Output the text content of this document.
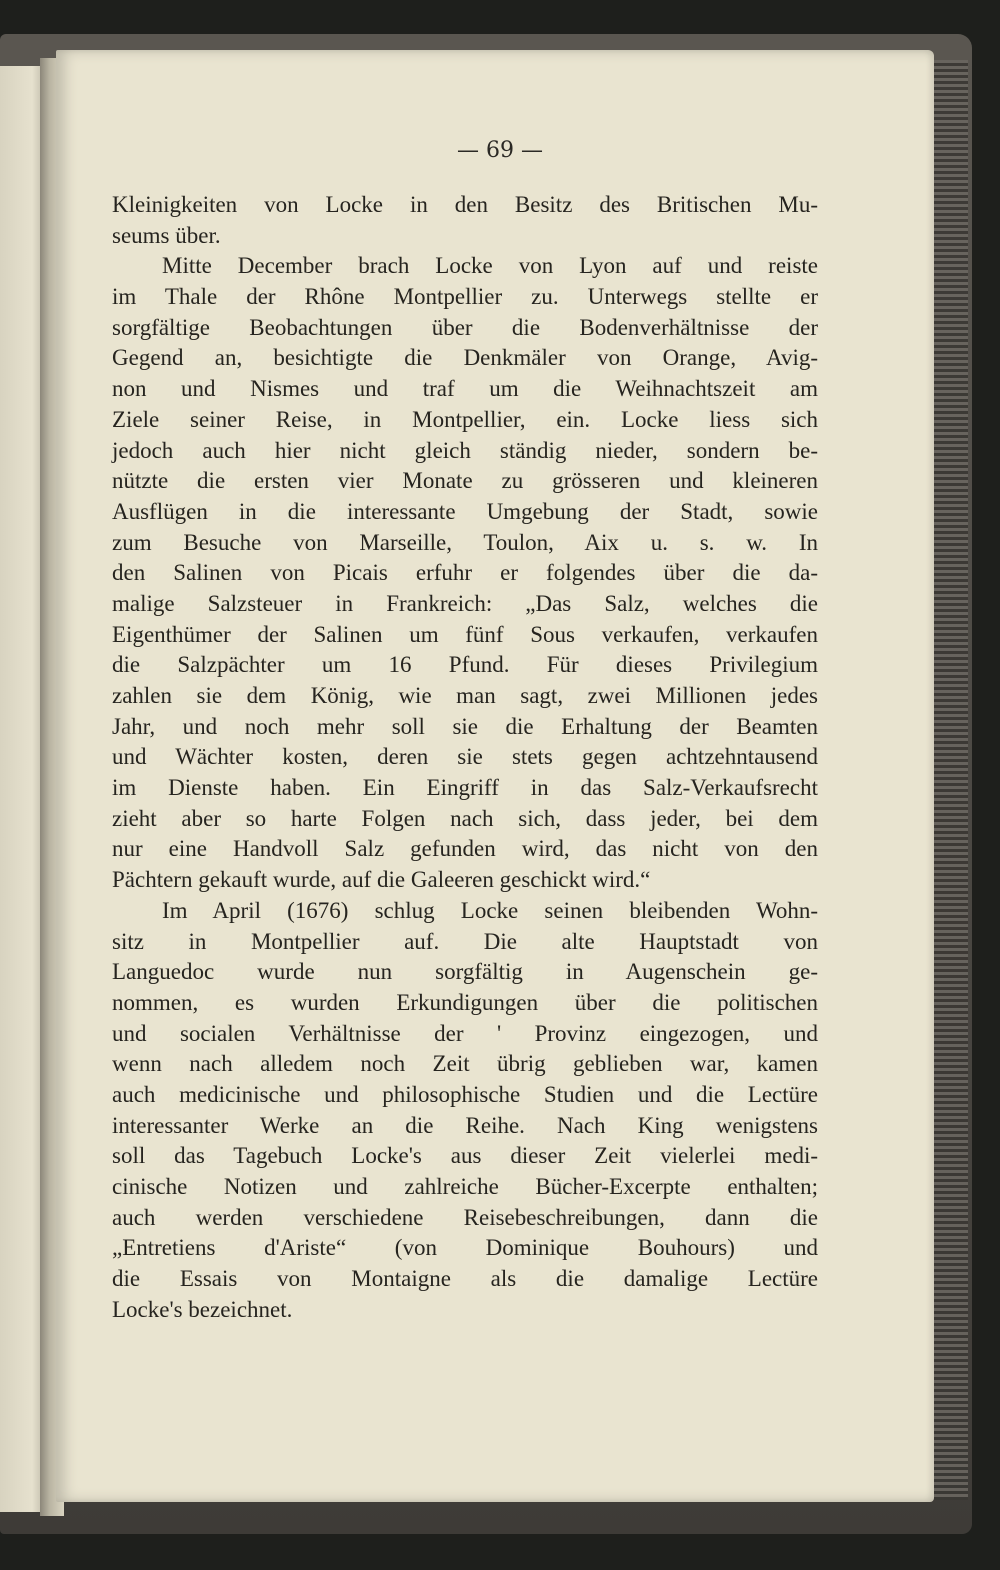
— 69 —
Kleinigkeiten von Locke in den Besitz des Britischen Mu-
seums über.
Mitte December brach Locke von Lyon auf und reiste
im Thale der Rhône Montpellier zu. Unterwegs stellte er
sorgfältige Beobachtungen über die Bodenverhältnisse der
Gegend an, besichtigte die Denkmäler von Orange, Avig-
non und Nismes und traf um die Weihnachtszeit am
Ziele seiner Reise, in Montpellier, ein. Locke liess sich
jedoch auch hier nicht gleich ständig nieder, sondern be-
nützte die ersten vier Monate zu grösseren und kleineren
Ausflügen in die interessante Umgebung der Stadt, sowie
zum Besuche von Marseille, Toulon, Aix u. s. w. In
den Salinen von Picais erfuhr er folgendes über die da-
malige Salzsteuer in Frankreich: „Das Salz, welches die
Eigenthümer der Salinen um fünf Sous verkaufen, verkaufen
die Salzpächter um 16 Pfund. Für dieses Privilegium
zahlen sie dem König, wie man sagt, zwei Millionen jedes
Jahr, und noch mehr soll sie die Erhaltung der Beamten
und Wächter kosten, deren sie stets gegen achtzehntausend
im Dienste haben. Ein Eingriff in das Salz-Verkaufsrecht
zieht aber so harte Folgen nach sich, dass jeder, bei dem
nur eine Handvoll Salz gefunden wird, das nicht von den
Pächtern gekauft wurde, auf die Galeeren geschickt wird.“
Im April (1676) schlug Locke seinen bleibenden Wohn-
sitz in Montpellier auf. Die alte Hauptstadt von
Languedoc wurde nun sorgfältig in Augenschein ge-
nommen, es wurden Erkundigungen über die politischen
und socialen Verhältnisse der ' Provinz eingezogen, und
wenn nach alledem noch Zeit übrig geblieben war, kamen
auch medicinische und philosophische Studien und die Lectüre
interessanter Werke an die Reihe. Nach King wenigstens
soll das Tagebuch Locke's aus dieser Zeit vielerlei medi-
cinische Notizen und zahlreiche Bücher-Excerpte enthalten;
auch werden verschiedene Reisebeschreibungen, dann die
„Entretiens d'Ariste“ (von Dominique Bouhours) und
die Essais von Montaigne als die damalige Lectüre
Locke's bezeichnet.
